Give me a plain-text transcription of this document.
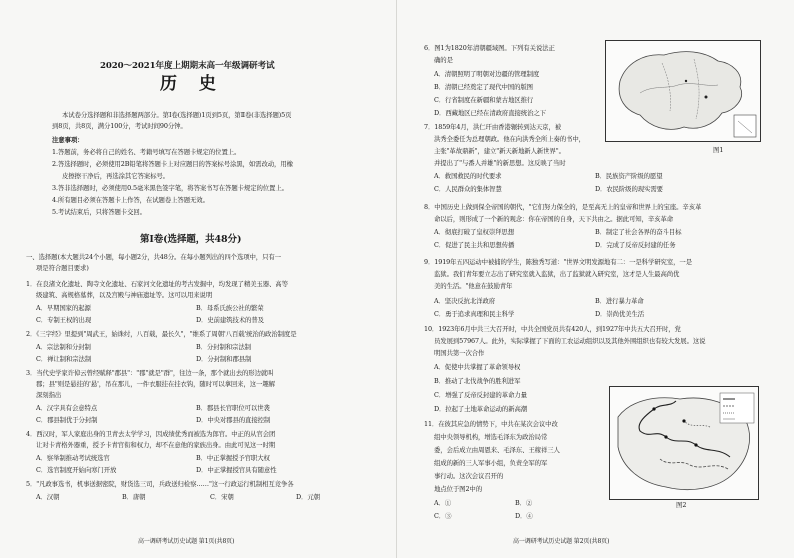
2020～2021年度上期期末高一年级调研考试
历 史
本试卷分选择题和非选择题两部分。第Ⅰ卷(选择题)1页到5页，第Ⅱ卷(非选择题)5页
到8页，共8页，满分100分，考试时间90分钟。
注意事项：
1.答题前，务必将自己的姓名、考籍号填写在答题卡规定的位置上。
2.答选择题时，必须使用2B铅笔将答题卡上对应题目的答案标号涂黑，如需改动，用橡
皮擦擦干净后，再选涂其它答案标号。
3.答非选择题时，必须使用0.5毫米黑色签字笔，将答案书写在答题卡规定的位置上。
4.所有题目必须在答题卡上作答，在试题卷上答题无效。
5.考试结束后，只将答题卡交回。
第Ⅰ卷(选择题，共48分)
一、选择题(本大题共24个小题，每小题2分，共48分。在每小题列出的四个选项中，只有一
项是符合题目要求)
1．在良渚文化遗址、陶寺文化遗址、石家河文化遗址的考古发掘中，均发现了精美玉器、高等
级建筑、高规格墓葬，以及宫殿与神庙遗址等。这可以用来说明
A．早期国家的起源	B．母系氏族公社的繁荣
C．专制王权的出现	D．史前建筑技术的普及
2．《三字经》里提到"周武王，始诛纣，八百载，最长久"，"维系了周朝'八百载'统治的政治制度是
A．宗法制和分封制	B．分封制和宗法制
C．禅让制和宗法制	D．分封制和郡县制
3．当代史学家许倬云曾经赋释"郡县"："郡"就是"群"，往边一条，那个就出去的形边就叫
郡；县"则是悬挂的'悬'，吊在那儿，一件衣服挂在挂衣钩，随时可以拿回来，这一趣解
深刻指出
A．汉字具有会意特点	B．郡县长官职位可以世袭
C．郡县制优于分封制	D．中央对郡县的直接控制
4．西汉时，军人家庭出身的卫青去太学学习，因成绩优秀而被选为郎官。中正的从官会团
让对卡青格外器重，授予卡青官衔和权力，却不在意他的家族出身。由此可见这一时期
A．察举制推动考试统选官	B．中正掌握授予官职大权
C．选官制度开始向寒门开放	D．中正掌握授官具有随意性
5．"凡政事选书，机事送据密院，财货选三司，兵政送归检察……"这一行政运行机制相互竞争各
A．汉朝	B．唐朝	C．宋朝	D．元朝
高一调研考试历史试题 第1页(共8页)
6．图1为1820年清朝疆域图。下列有关说法正
确的是
A．清朝照明了明朝对边疆的管理制度
B．清朝已经奠定了现代中国的版图
C．行省制度在新疆和蒙古地区推行
D．西藏地区已经在清政府直接统治之下
图1
7．1859年4月，洪仁玕由香港辗转到达天京，被
洪秀全委任为总理朝政。他在向洪秀全所上奏的书中，
主张"革故鼎新"，建立"新天新地新人新世界"。
并提出了"与番人并雄"的新思想。这反映了当时
A．救国救民的时代要求	B．民族资产阶级的愿望
C．人民群众的集体智慧	D．农民阶级的现实需要
8．中国历史上做到保全帝国的朝代，"它们努力保全的，是至高无上的皇帝和世界上的宝座。辛亥革
命以后，则形成了一个新的观念：你在帝国的自身，天下共由之。据此可知，辛亥革命
A．彻底打破了皇权崇拜思想	B．制定了社会各界的奋斗目标
C．促进了民主共和思想传播	D．完成了反帝反封建的任务
9．1919年五四运动中被捕的学生，陈独秀写道："世界文明发源地有二：一是科学研究室，一是
监狱。我们青年要立志出了研究室就入监狱，出了监狱就入研究室，这才是人生最高尚优
美的生活。"他意在鼓励青年
A．坚决反抗北洋政府	B．进行暴力革命
C．勇于追求真理和民主科学	D．崇尚优美生活
10．1923年6月中共三大召开时，中共全国党员共有420人，到1927年中共五大召开时，党
员发展到57967人。此外，实际掌握了下面的工农运动组织以及其他外围组织也有较大发展。这说
明国共第一次合作
A．促使中共掌握了革命领导权
B．推动了北伐战争的胜利进军
C．增强了反帝反封建的革命力量
D．拉起了土地革命运动的新高潮
11．在彼其应急的情势下，中共在某次会议中改
组中央领导机构，增选毛泽东为政治局常
委，会后成立由周恩来、毛泽东、王稼祥三人
组成的新的三人军事小组，负责全军的军
事行动。这次会议召开的
地点位于图2中的
A．①	B．②
C．③	D．④
图2
高一调研考试历史试题 第2页(共8页)
